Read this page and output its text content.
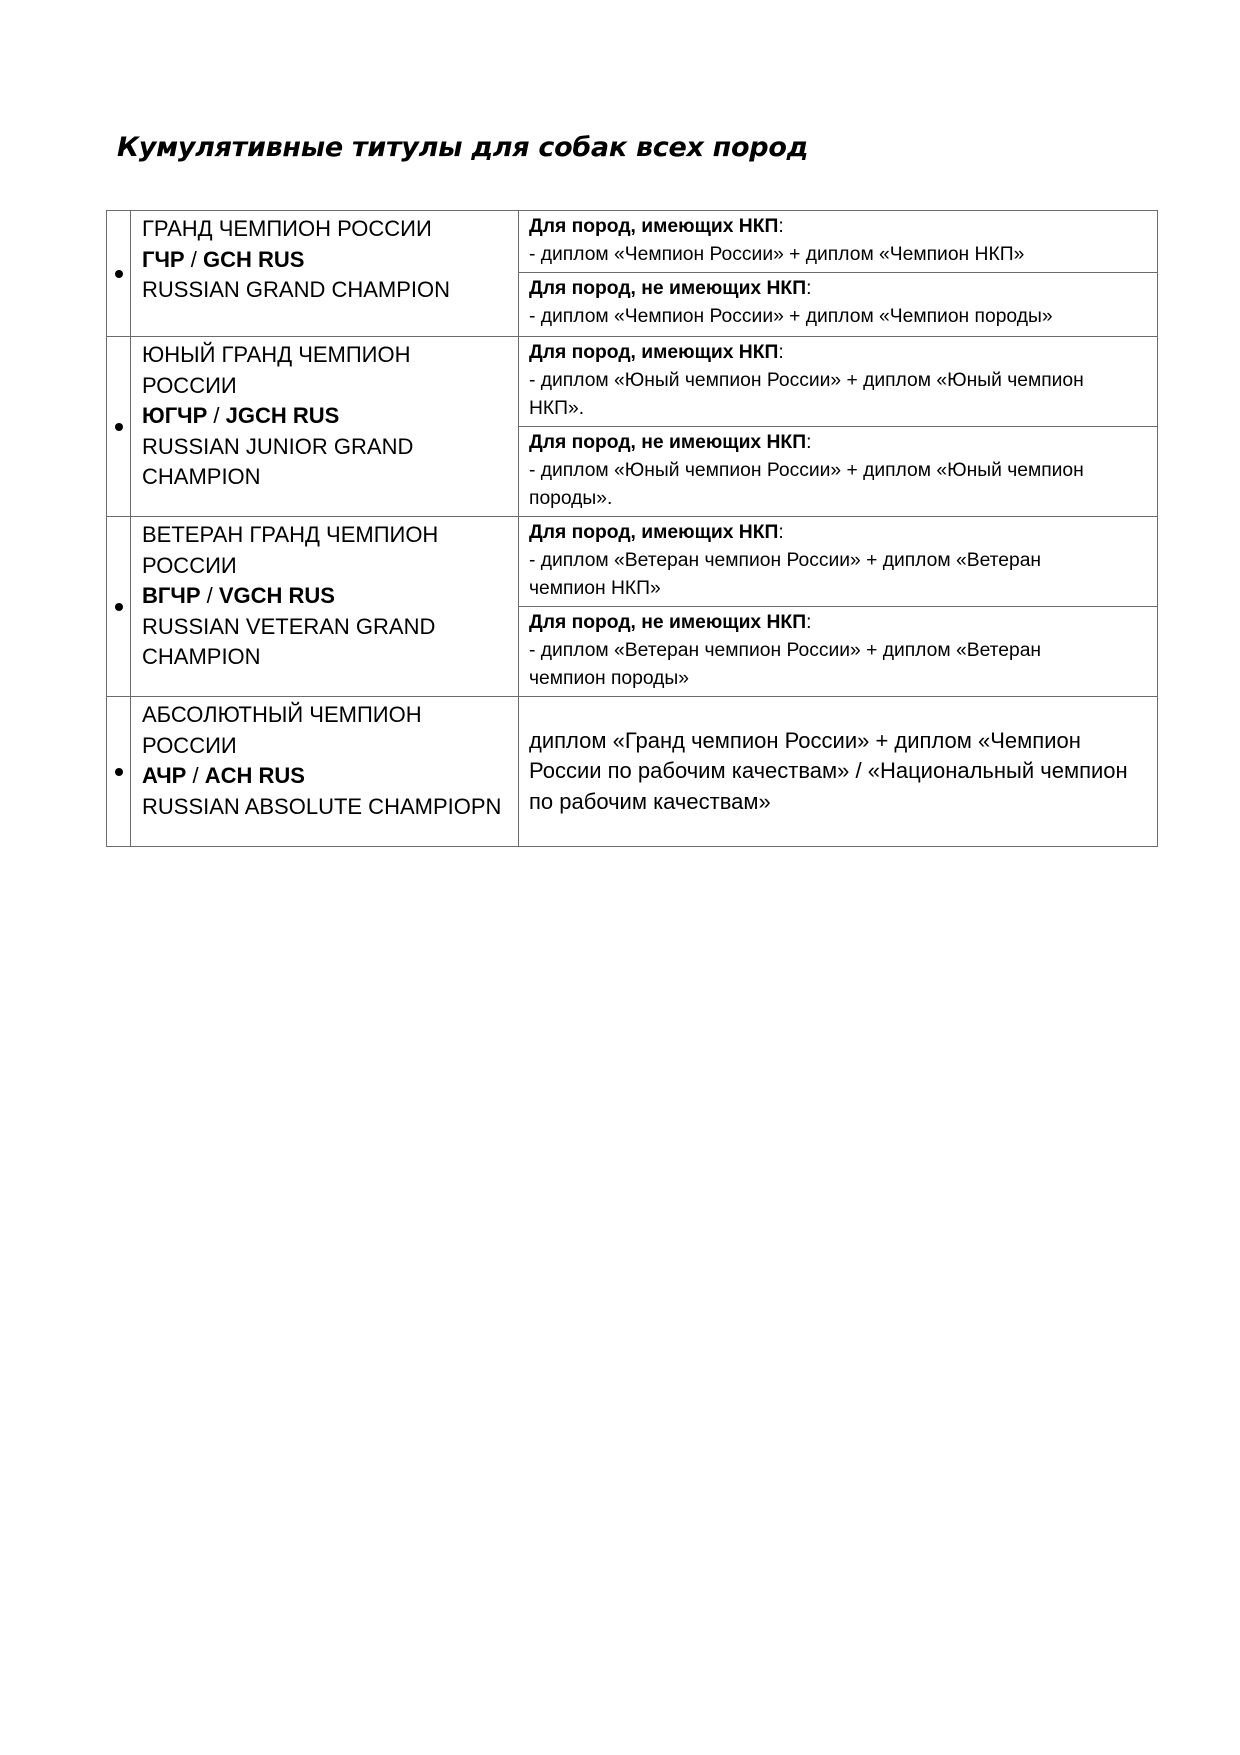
Кумулятивные титулы для собак всех пород

	ГРАНД ЧЕМПИОН РОССИИ
ГЧР / GCH RUS
RUSSIAN GRAND CHAMPION	Для пород, имеющих НКП:
- диплом «Чемпион России» + диплом «Чемпион НКП»

		Для пород, не имеющих НКП:
- диплом «Чемпион России» + диплом «Чемпион породы»

	ЮНЫЙ ГРАНД ЧЕМПИОН
РОССИИ
ЮГЧР / JGCH RUS
RUSSIAN JUNIOR GRAND
CHAMPION	Для пород, имеющих НКП:
- диплом «Юный чемпион России» + диплом «Юный чемпион
НКП».

		Для пород, не имеющих НКП:
- диплом «Юный чемпион России» + диплом «Юный чемпион
породы».

	ВЕТЕРАН ГРАНД ЧЕМПИОН
РОССИИ
ВГЧР / VGCH RUS
RUSSIAN VETERAN GRAND
CHAMPION	Для пород, имеющих НКП:
- диплом «Ветеран чемпион России» + диплом «Ветеран
чемпион НКП»

		Для пород, не имеющих НКП:
- диплом «Ветеран чемпион России» + диплом «Ветеран
чемпион породы»

	АБСОЛЮТНЫЙ ЧЕМПИОН
РОССИИ
АЧР / ACH RUS
RUSSIAN ABSOLUTE CHAMPIOPN	диплом «Гранд чемпион России» + диплом «Чемпион России по рабочим качествам» / «Национальный чемпион по рабочим качествам»
